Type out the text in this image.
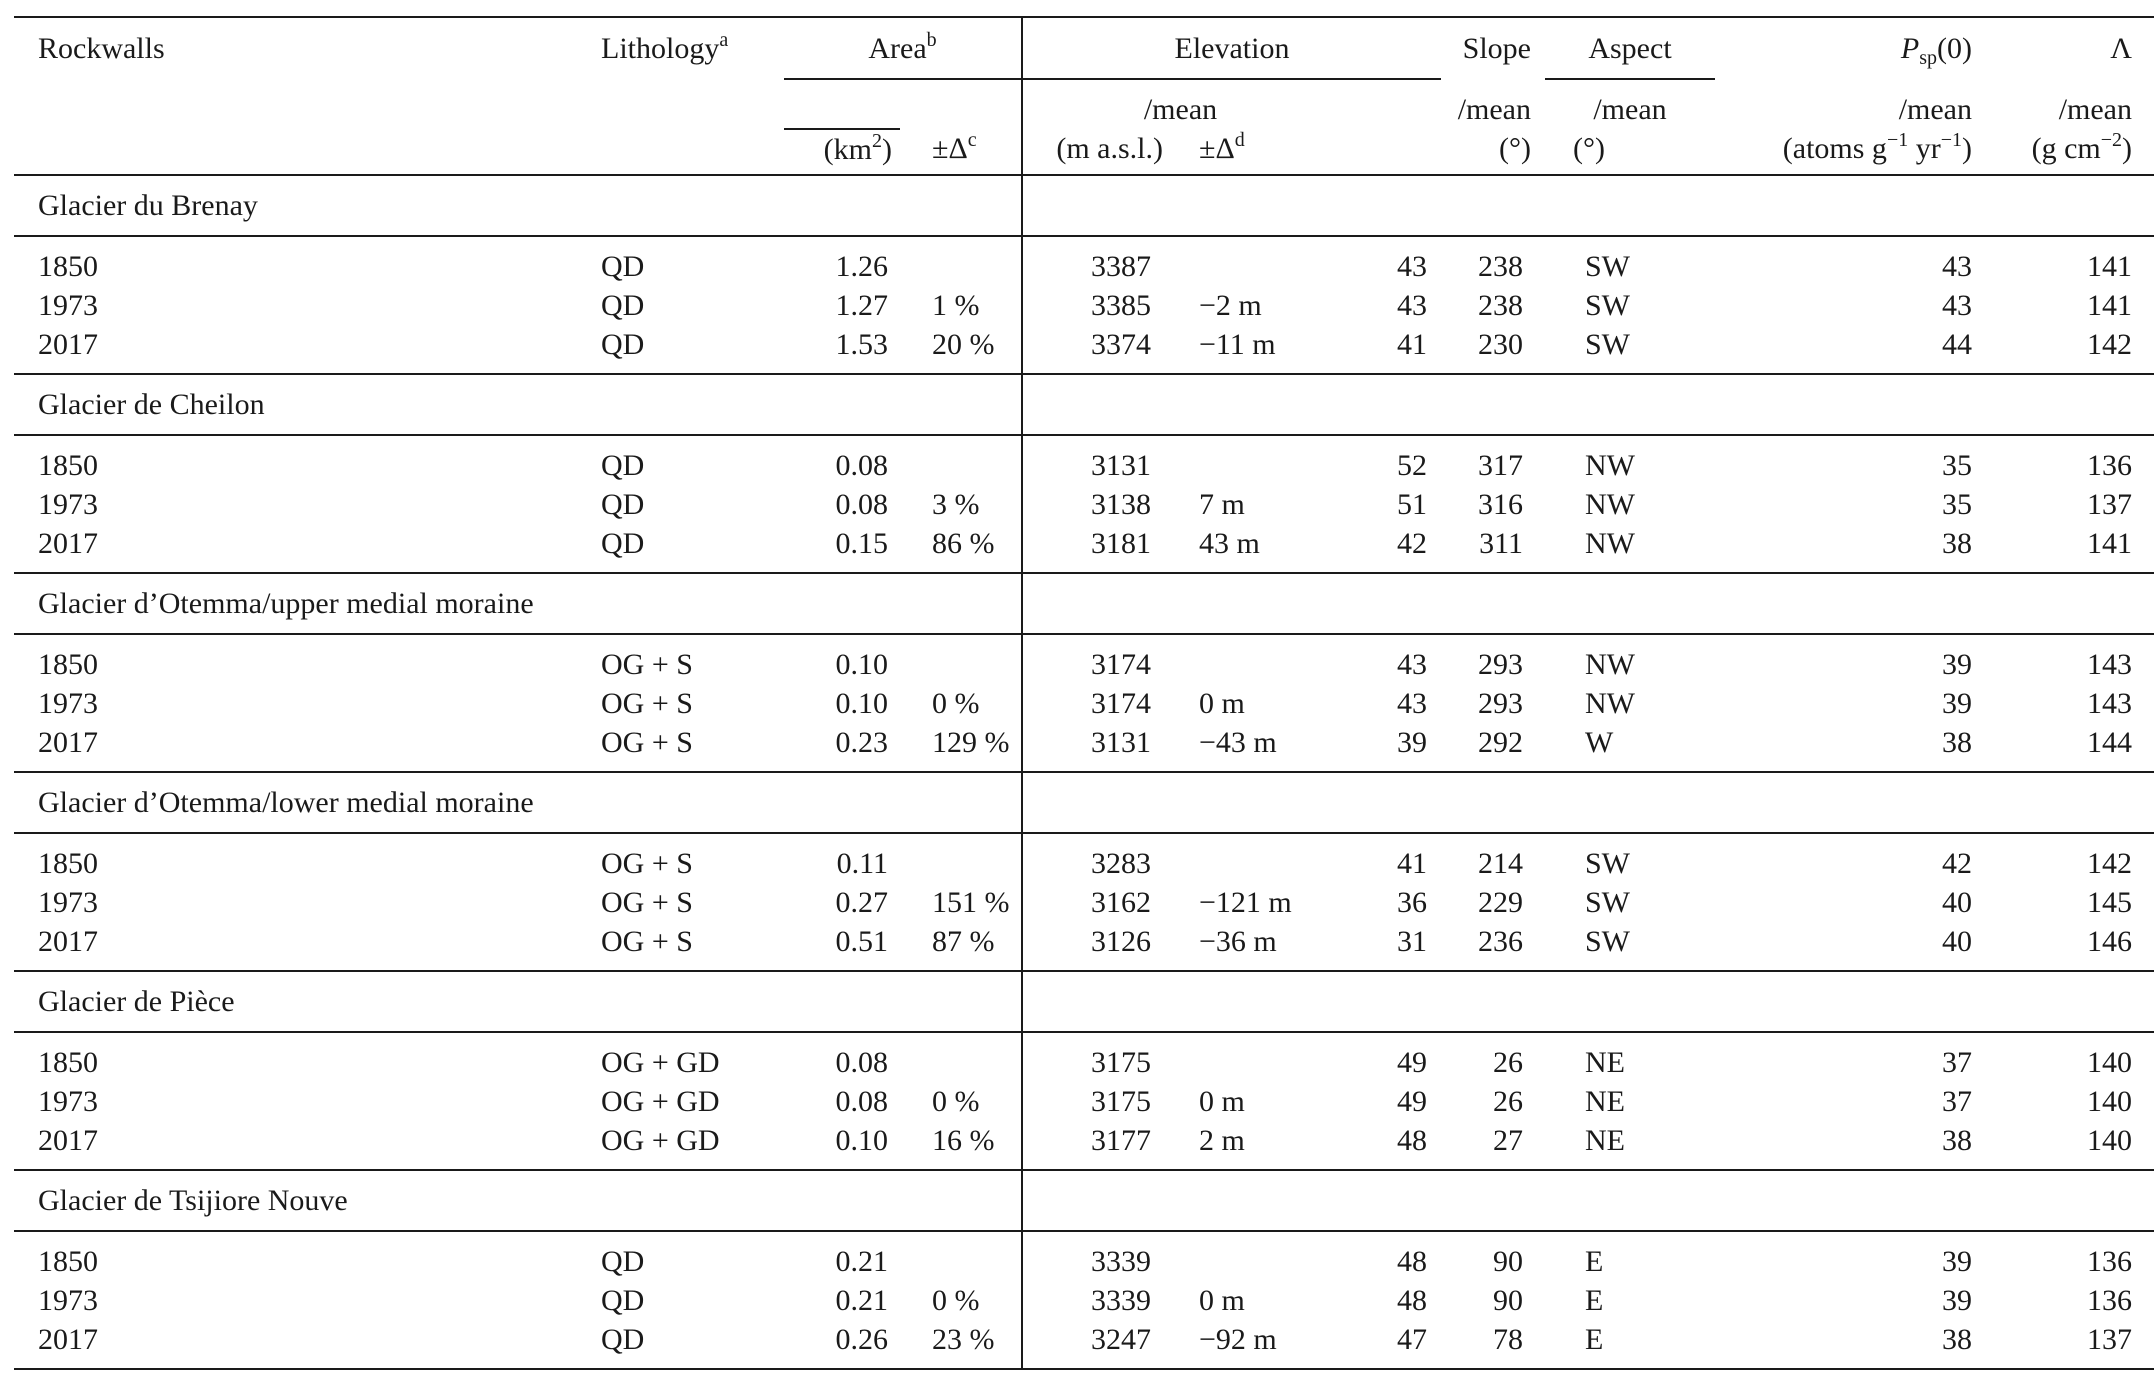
Rockwalls	Lithology$^a$	Area$^b$		Elevation			Slope	Aspect	$P_{sp}(0)$	Λ
				/mean			/mean	/mean	/mean	/mean
		$(km^2)$	$\pm\Delta^c$	(m a.s.l.)	$\pm\Delta^d$		(°)	(°)	(atoms $g^{-1}$ $yr^{-1}$)	(g $cm^{-2}$)
Glacier du Brenay										
1850	QD	1.26		3387		43	238	SW	43	141
1973	QD	1.27	1 %	3385	−2 m	43	238	SW	43	141
2017	QD	1.53	20 %	3374	−11 m	41	230	SW	44	142
Glacier de Cheilon										
1850	QD	0.08		3131		52	317	NW	35	136
1973	QD	0.08	3 %	3138	7 m	51	316	NW	35	137
2017	QD	0.15	86 %	3181	43 m	42	311	NW	38	141
Glacier d’Otemma/upper medial moraine										
1850	OG + S	0.10		3174		43	293	NW	39	143
1973	OG + S	0.10	0 %	3174	0 m	43	293	NW	39	143
2017	OG + S	0.23	129 %	3131	−43 m	39	292	W	38	144
Glacier d’Otemma/lower medial moraine										
1850	OG + S	0.11		3283		41	214	SW	42	142
1973	OG + S	0.27	151 %	3162	−121 m	36	229	SW	40	145
2017	OG + S	0.51	87 %	3126	−36 m	31	236	SW	40	146
Glacier de Pièce										
1850	OG + GD	0.08		3175		49	26	NE	37	140
1973	OG + GD	0.08	0 %	3175	0 m	49	26	NE	37	140
2017	OG + GD	0.10	16 %	3177	2 m	48	27	NE	38	140
Glacier de Tsijiore Nouve										
1850	QD	0.21		3339		48	90	E	39	136
1973	QD	0.21	0 %	3339	0 m	48	90	E	39	136
2017	QD	0.26	23 %	3247	−92 m	47	78	E	38	137
